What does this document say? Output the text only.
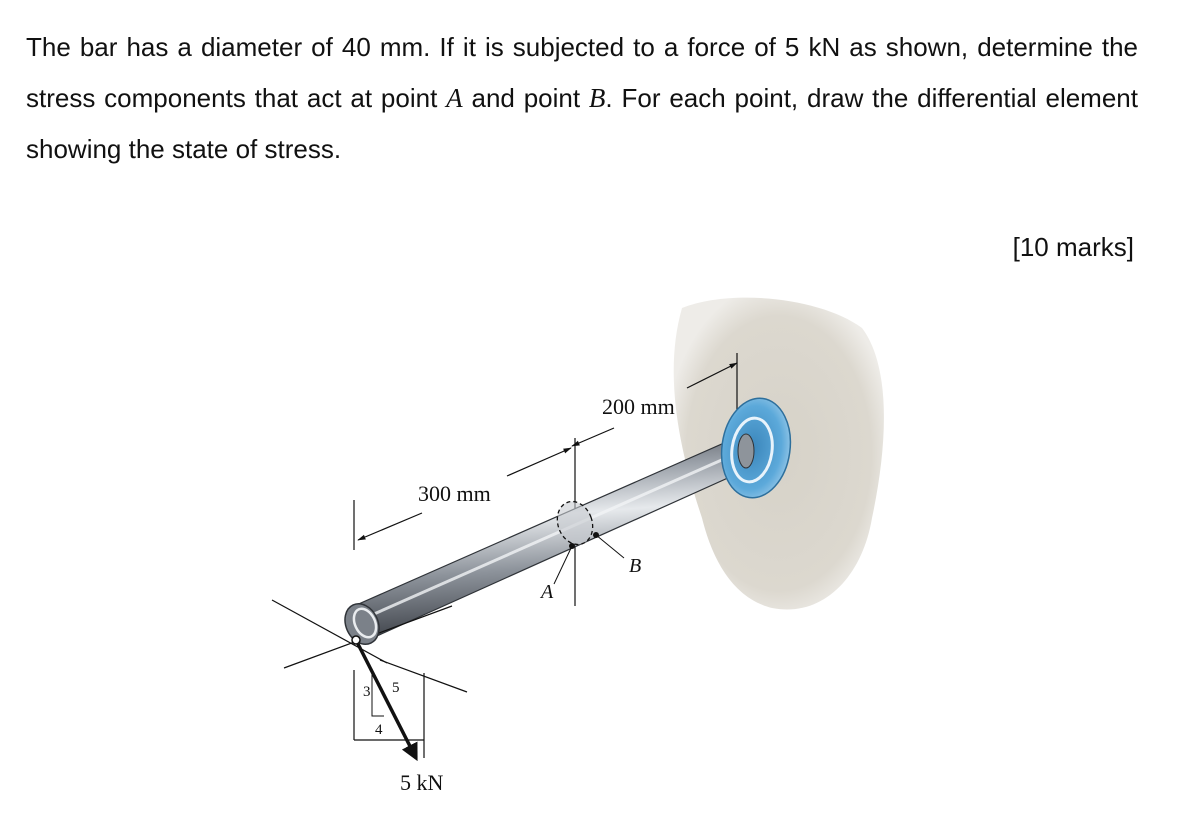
The bar has a diameter of 40 mm. If it is subjected to a force of 5 kN as shown, determine the stress components that act at point A and point B. For each point, draw the differential element showing the state of stress.

[10 marks]
300 mm
200 mm
A
B
3 5
4
5 kN
